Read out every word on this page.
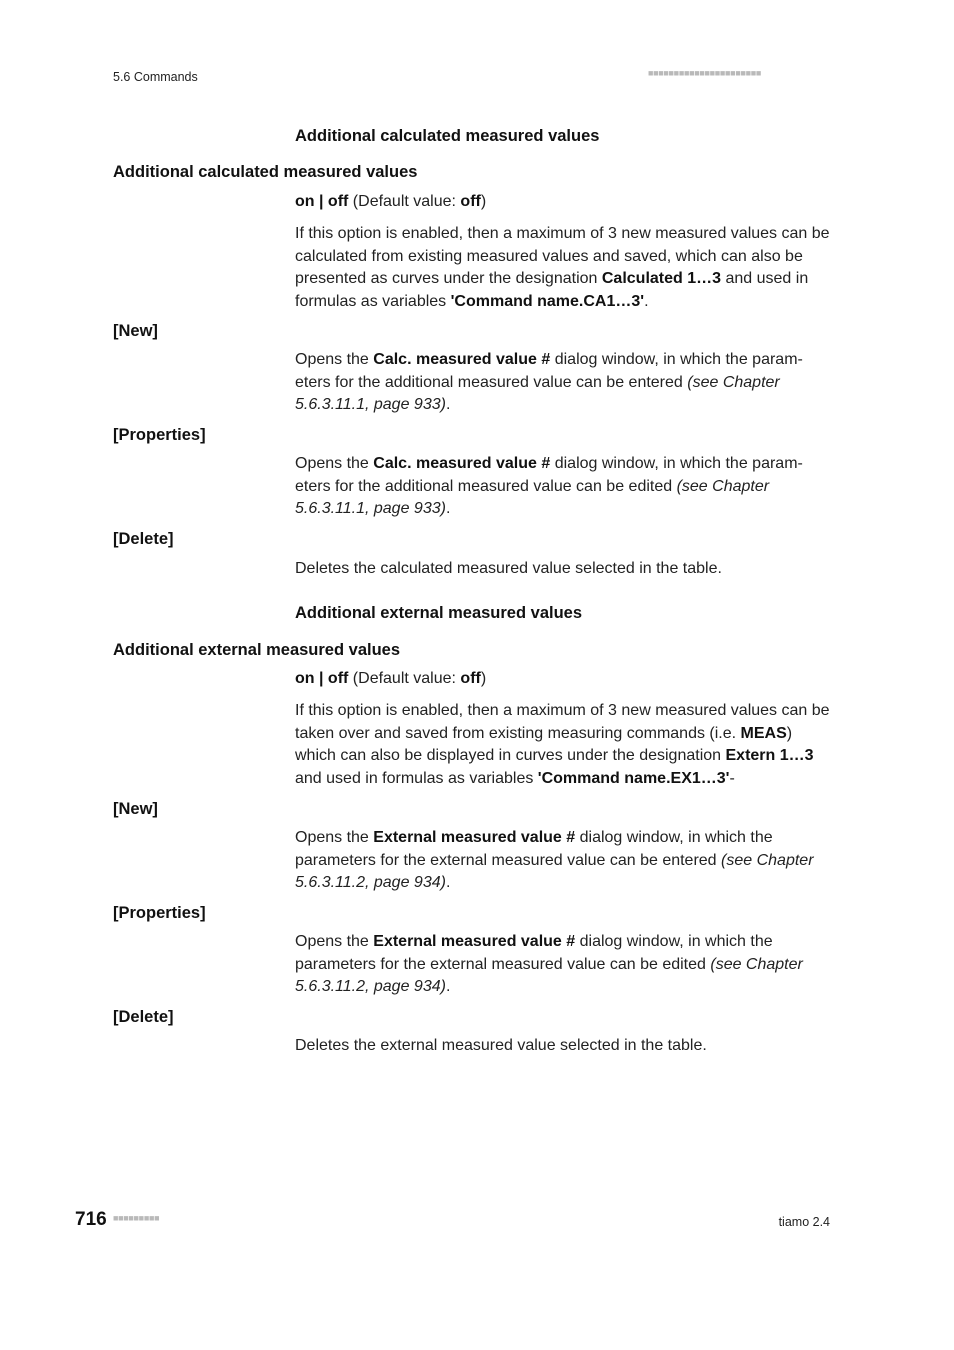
5.6 Commands	■■■■■■■■■■■■■■■■■■■■■■
Additional calculated measured values
Additional calculated measured values
on | off (Default value: off)
If this option is enabled, then a maximum of 3 new measured values can be calculated from existing measured values and saved, which can also be presented as curves under the designation Calculated 1…3 and used in formulas as variables 'Command name.CA1…3'.
[New]
Opens the Calc. measured value # dialog window, in which the parameters for the additional measured value can be entered (see Chapter 5.6.3.11.1, page 933).
[Properties]
Opens the Calc. measured value # dialog window, in which the parameters for the additional measured value can be edited (see Chapter 5.6.3.11.1, page 933).
[Delete]
Deletes the calculated measured value selected in the table.
Additional external measured values
Additional external measured values
on | off (Default value: off)
If this option is enabled, then a maximum of 3 new measured values can be taken over and saved from existing measuring commands (i.e. MEAS) which can also be displayed in curves under the designation Extern 1…3 and used in formulas as variables 'Command name.EX1…3'-
[New]
Opens the External measured value # dialog window, in which the parameters for the external measured value can be entered (see Chapter 5.6.3.11.2, page 934).
[Properties]
Opens the External measured value # dialog window, in which the parameters for the external measured value can be edited (see Chapter 5.6.3.11.2, page 934).
[Delete]
Deletes the external measured value selected in the table.
716 ■■■■■■■■■	tiamo 2.4
